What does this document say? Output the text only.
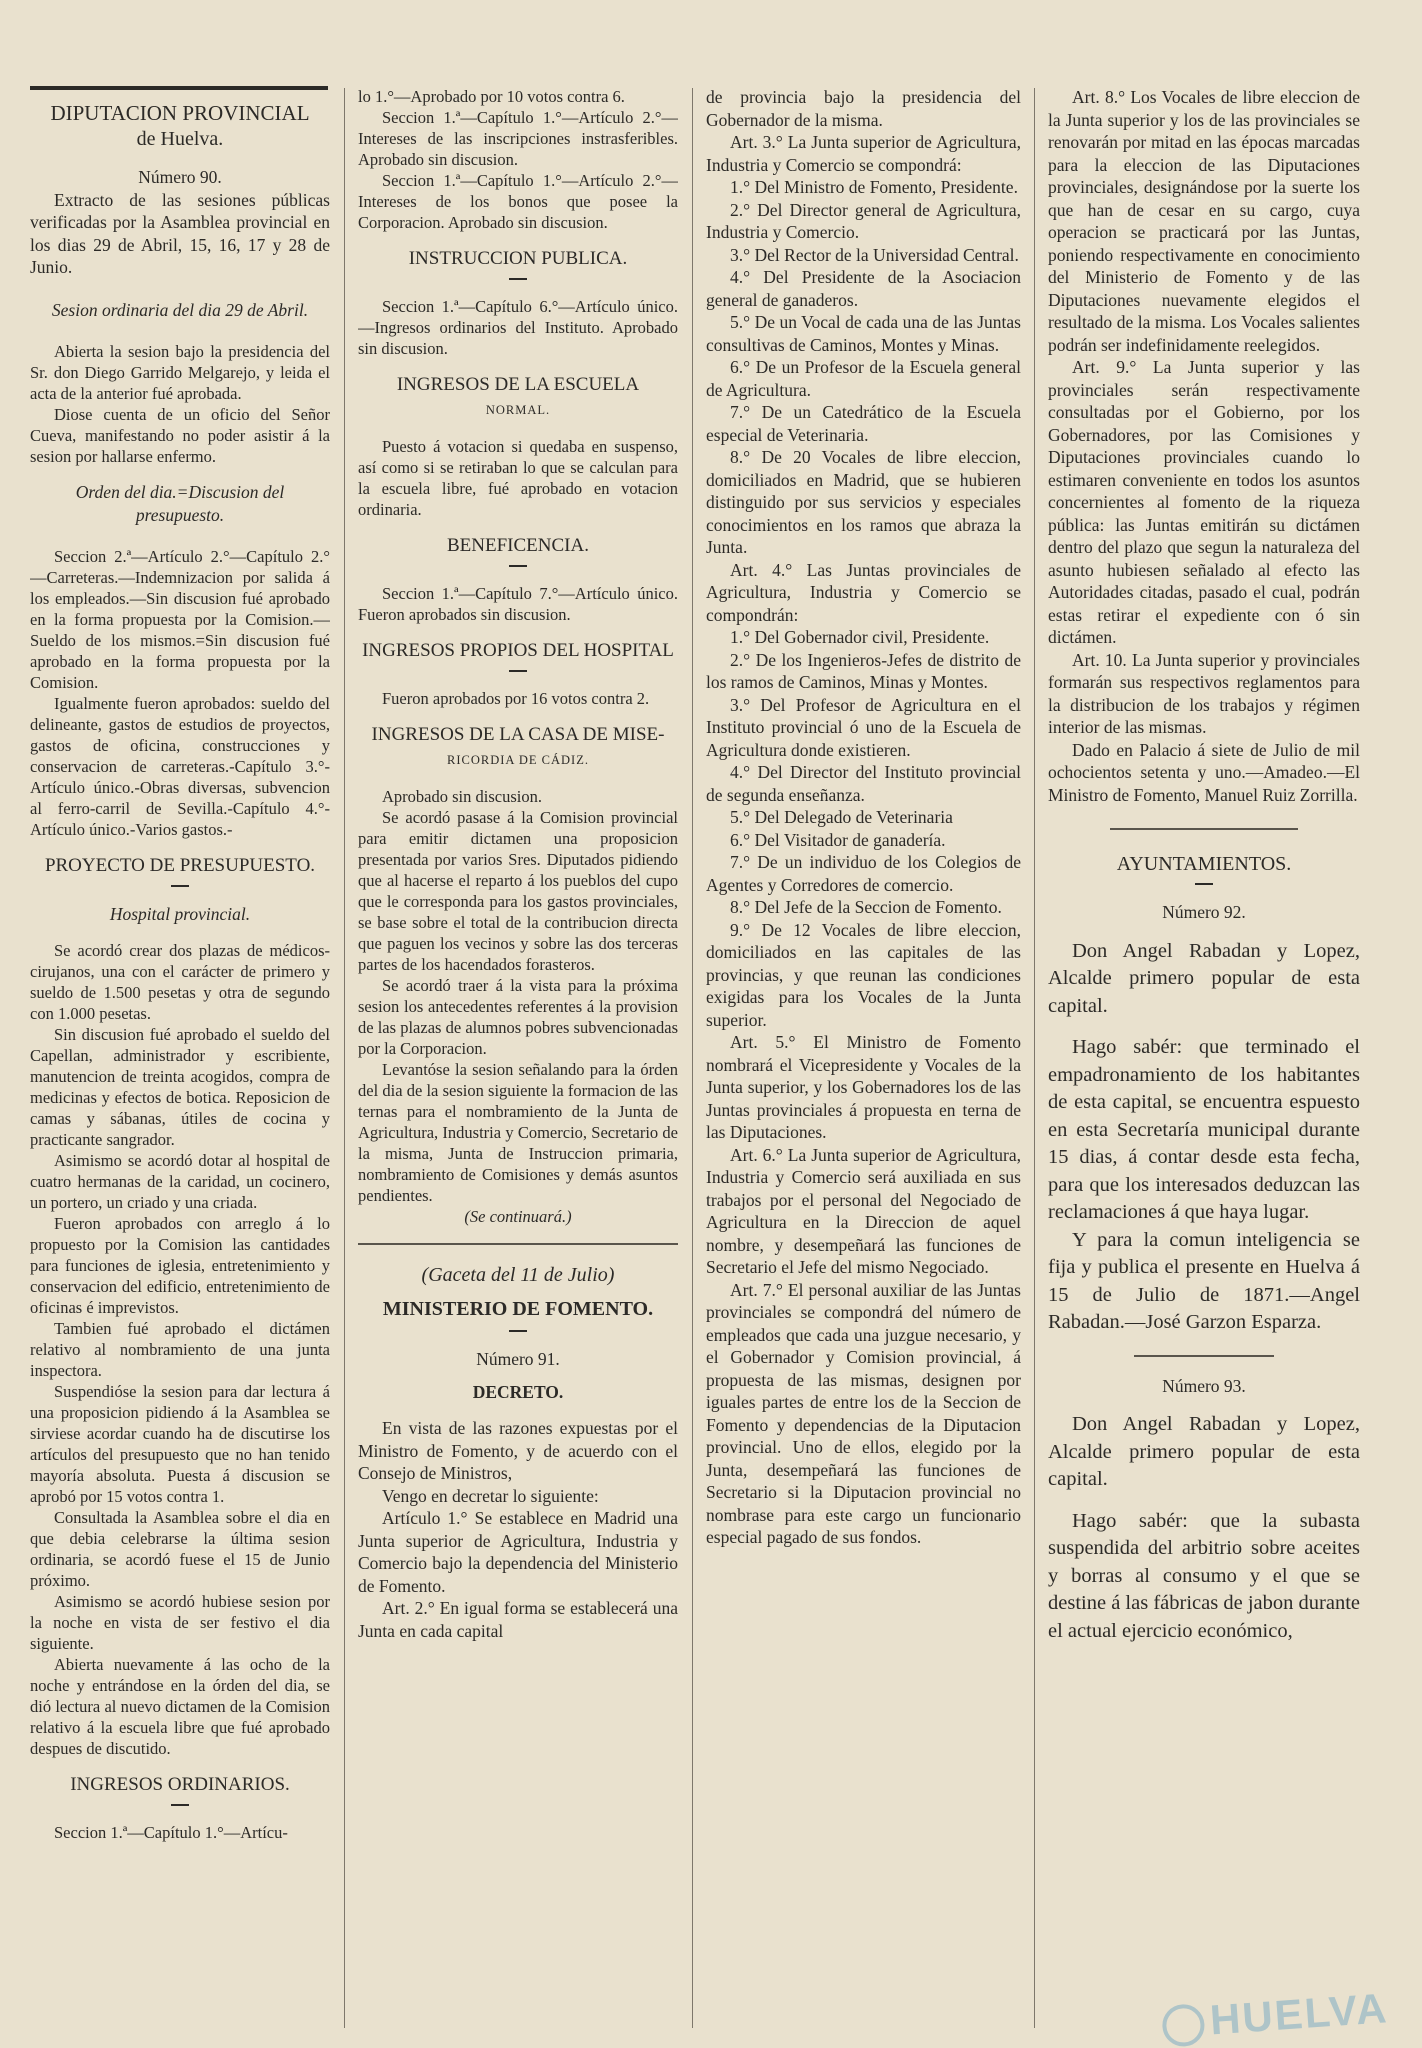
DIPUTACION PROVINCIAL

de Huelva.

Número 90.

Extracto de las sesiones públicas verificadas por la Asamblea provincial en los dias 29 de Abril, 15, 16, 17 y 28 de Junio.

Sesion ordinaria del dia 29 de Abril.

Abierta la sesion bajo la presidencia del Sr. don Diego Garrido Melgarejo, y leida el acta de la anterior fué aprobada.

Diose cuenta de un oficio del Señor Cueva, manifestando no poder asistir á la sesion por hallarse enfermo.

Orden del dia.=Discusion del presupuesto.

Seccion 2.ª—Artículo 2.°—Capítulo 2.°—Carreteras.—Indemnizacion por salida á los empleados.—Sin discusion fué aprobado en la forma propuesta por la Comision.—Sueldo de los mismos.=Sin discusion fué aprobado en la forma propuesta por la Comision.

Igualmente fueron aprobados: sueldo del delineante, gastos de estudios de proyectos, gastos de oficina, construcciones y conservacion de carreteras.-Capítulo 3.°-Artículo único.-Obras diversas, subvencion al ferro-carril de Sevilla.-Capítulo 4.°-Artículo único.-Varios gastos.-

PROYECTO DE PRESUPUESTO.

Hospital provincial.

Se acordó crear dos plazas de médicos-cirujanos, una con el carácter de primero y sueldo de 1.500 pesetas y otra de segundo con 1.000 pesetas.

Sin discusion fué aprobado el sueldo del Capellan, administrador y escribiente, manutencion de treinta acogidos, compra de medicinas y efectos de botica. Reposicion de camas y sábanas, útiles de cocina y practicante sangrador.

Asimismo se acordó dotar al hospital de cuatro hermanas de la caridad, un cocinero, un portero, un criado y una criada.

Fueron aprobados con arreglo á lo propuesto por la Comision las cantidades para funciones de iglesia, entretenimiento y conservacion del edificio, entretenimiento de oficinas é imprevistos.

Tambien fué aprobado el dictámen relativo al nombramiento de una junta inspectora.

Suspendióse la sesion para dar lectura á una proposicion pidiendo á la Asamblea se sirviese acordar cuando ha de discutirse los artículos del presupuesto que no han tenido mayoría absoluta. Puesta á discusion se aprobó por 15 votos contra 1.

Consultada la Asamblea sobre el dia en que debia celebrarse la última sesion ordinaria, se acordó fuese el 15 de Junio próximo.

Asimismo se acordó hubiese sesion por la noche en vista de ser festivo el dia siguiente.

Abierta nuevamente á las ocho de la noche y entrándose en la órden del dia, se dió lectura al nuevo dictamen de la Comision relativo á la escuela libre que fué aprobado despues de discutido.

INGRESOS ORDINARIOS.

Seccion 1.ª—Capítulo 1.°—Artícu-

lo 1.°—Aprobado por 10 votos contra 6.

Seccion 1.ª—Capítulo 1.°—Artículo 2.°—Intereses de las inscripciones instrasferibles. Aprobado sin discusion.

Seccion 1.ª—Capítulo 1.°—Artículo 2.°—Intereses de los bonos que posee la Corporacion. Aprobado sin discusion.

INSTRUCCION PUBLICA.

Seccion 1.ª—Capítulo 6.°—Artículo único.—Ingresos ordinarios del Instituto. Aprobado sin discusion.

INGRESOS DE LA ESCUELA

NORMAL.

Puesto á votacion si quedaba en suspenso, así como si se retiraban lo que se calculan para la escuela libre, fué aprobado en votacion ordinaria.

BENEFICENCIA.

Seccion 1.ª—Capítulo 7.°—Artículo único. Fueron aprobados sin discusion.

INGRESOS PROPIOS DEL HOSPITAL

Fueron aprobados por 16 votos contra 2.

INGRESOS DE LA CASA DE MISE-

RICORDIA DE CÁDIZ.

Aprobado sin discusion.

Se acordó pasase á la Comision provincial para emitir dictamen una proposicion presentada por varios Sres. Diputados pidiendo que al hacerse el reparto á los pueblos del cupo que le corresponda para los gastos provinciales, se base sobre el total de la contribucion directa que paguen los vecinos y sobre las dos terceras partes de los hacendados forasteros.

Se acordó traer á la vista para la próxima sesion los antecedentes referentes á la provision de las plazas de alumnos pobres subvencionadas por la Corporacion.

Levantóse la sesion señalando para la órden del dia de la sesion siguiente la formacion de las ternas para el nombramiento de la Junta de Agricultura, Industria y Comercio, Secretario de la misma, Junta de Instruccion primaria, nombramiento de Comisiones y demás asuntos pendientes.

(Se continuará.)

(Gaceta del 11 de Julio)

MINISTERIO DE FOMENTO.

Número 91.

DECRETO.

En vista de las razones expuestas por el Ministro de Fomento, y de acuerdo con el Consejo de Ministros,

Vengo en decretar lo siguiente:

Artículo 1.° Se establece en Madrid una Junta superior de Agricultura, Industria y Comercio bajo la dependencia del Ministerio de Fomento.

Art. 2.° En igual forma se establecerá una Junta en cada capital

de provincia bajo la presidencia del Gobernador de la misma.

Art. 3.° La Junta superior de Agricultura, Industria y Comercio se compondrá:

1.° Del Ministro de Fomento, Presidente.

2.° Del Director general de Agricultura, Industria y Comercio.

3.° Del Rector de la Universidad Central.

4.° Del Presidente de la Asociacion general de ganaderos.

5.° De un Vocal de cada una de las Juntas consultivas de Caminos, Montes y Minas.

6.° De un Profesor de la Escuela general de Agricultura.

7.° De un Catedrático de la Escuela especial de Veterinaria.

8.° De 20 Vocales de libre eleccion, domiciliados en Madrid, que se hubieren distinguido por sus servicios y especiales conocimientos en los ramos que abraza la Junta.

Art. 4.° Las Juntas provinciales de Agricultura, Industria y Comercio se compondrán:

1.° Del Gobernador civil, Presidente.

2.° De los Ingenieros-Jefes de distrito de los ramos de Caminos, Minas y Montes.

3.° Del Profesor de Agricultura en el Instituto provincial ó uno de la Escuela de Agricultura donde existieren.

4.° Del Director del Instituto provincial de segunda enseñanza.

5.° Del Delegado de Veterinaria

6.° Del Visitador de ganadería.

7.° De un individuo de los Colegios de Agentes y Corredores de comercio.

8.° Del Jefe de la Seccion de Fomento.

9.° De 12 Vocales de libre eleccion, domiciliados en las capitales de las provincias, y que reunan las condiciones exigidas para los Vocales de la Junta superior.

Art. 5.° El Ministro de Fomento nombrará el Vicepresidente y Vocales de la Junta superior, y los Gobernadores los de las Juntas provinciales á propuesta en terna de las Diputaciones.

Art. 6.° La Junta superior de Agricultura, Industria y Comercio será auxiliada en sus trabajos por el personal del Negociado de Agricultura en la Direccion de aquel nombre, y desempeñará las funciones de Secretario el Jefe del mismo Negociado.

Art. 7.° El personal auxiliar de las Juntas provinciales se compondrá del número de empleados que cada una juzgue necesario, y el Gobernador y Comision provincial, á propuesta de las mismas, designen por iguales partes de entre los de la Seccion de Fomento y dependencias de la Diputacion provincial. Uno de ellos, elegido por la Junta, desempeñará las funciones de Secretario si la Diputacion provincial no nombrase para este cargo un funcionario especial pagado de sus fondos.

Art. 8.° Los Vocales de libre eleccion de la Junta superior y los de las provinciales se renovarán por mitad en las épocas marcadas para la eleccion de las Diputaciones provinciales, designándose por la suerte los que han de cesar en su cargo, cuya operacion se practicará por las Juntas, poniendo respectivamente en conocimiento del Ministerio de Fomento y de las Diputaciones nuevamente elegidos el resultado de la misma. Los Vocales salientes podrán ser indefinidamente reelegidos.

Art. 9.° La Junta superior y las provinciales serán respectivamente consultadas por el Gobierno, por los Gobernadores, por las Comisiones y Diputaciones provinciales cuando lo estimaren conveniente en todos los asuntos concernientes al fomento de la riqueza pública: las Juntas emitirán su dictámen dentro del plazo que segun la naturaleza del asunto hubiesen señalado al efecto las Autoridades citadas, pasado el cual, podrán estas retirar el expediente con ó sin dictámen.

Art. 10. La Junta superior y provinciales formarán sus respectivos reglamentos para la distribucion de los trabajos y régimen interior de las mismas.

Dado en Palacio á siete de Julio de mil ochocientos setenta y uno.—Amadeo.—El Ministro de Fomento, Manuel Ruiz Zorrilla.

AYUNTAMIENTOS.

Número 92.

Don Angel Rabadan y Lopez, Alcalde primero popular de esta capital.

Hago sabér: que terminado el empadronamiento de los habitantes de esta capital, se encuentra espuesto en esta Secretaría municipal durante 15 dias, á contar desde esta fecha, para que los interesados deduzcan las reclamaciones á que haya lugar.

Y para la comun inteligencia se fija y publica el presente en Huelva á 15 de Julio de 1871.—Angel Rabadan.—José Garzon Esparza.

Número 93.

Don Angel Rabadan y Lopez, Alcalde primero popular de esta capital.

Hago sabér: que la subasta suspendida del arbitrio sobre aceites y borras al consumo y el que se destine á las fábricas de jabon durante el actual ejercicio económico,

HUELVA
